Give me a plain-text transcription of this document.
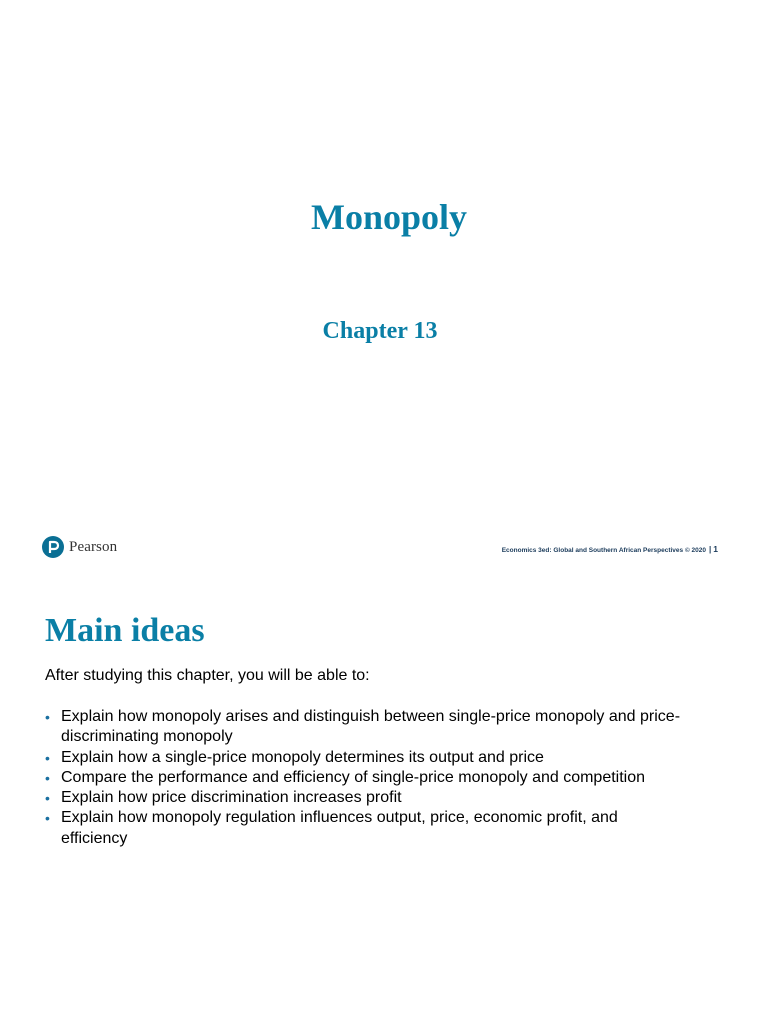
Monopoly
Chapter 13
Pearson	Economics 3ed: Global and Southern African Perspectives © 2020 | 1
Main ideas

After studying this chapter, you will be able to:

• Explain how monopoly arises and distinguish between single-price monopoly and price-discriminating monopoly
• Explain how a single-price monopoly determines its output and price
• Compare the performance and efficiency of single-price monopoly and competition
• Explain how price discrimination increases profit
• Explain how monopoly regulation influences output, price, economic profit, and efficiency
